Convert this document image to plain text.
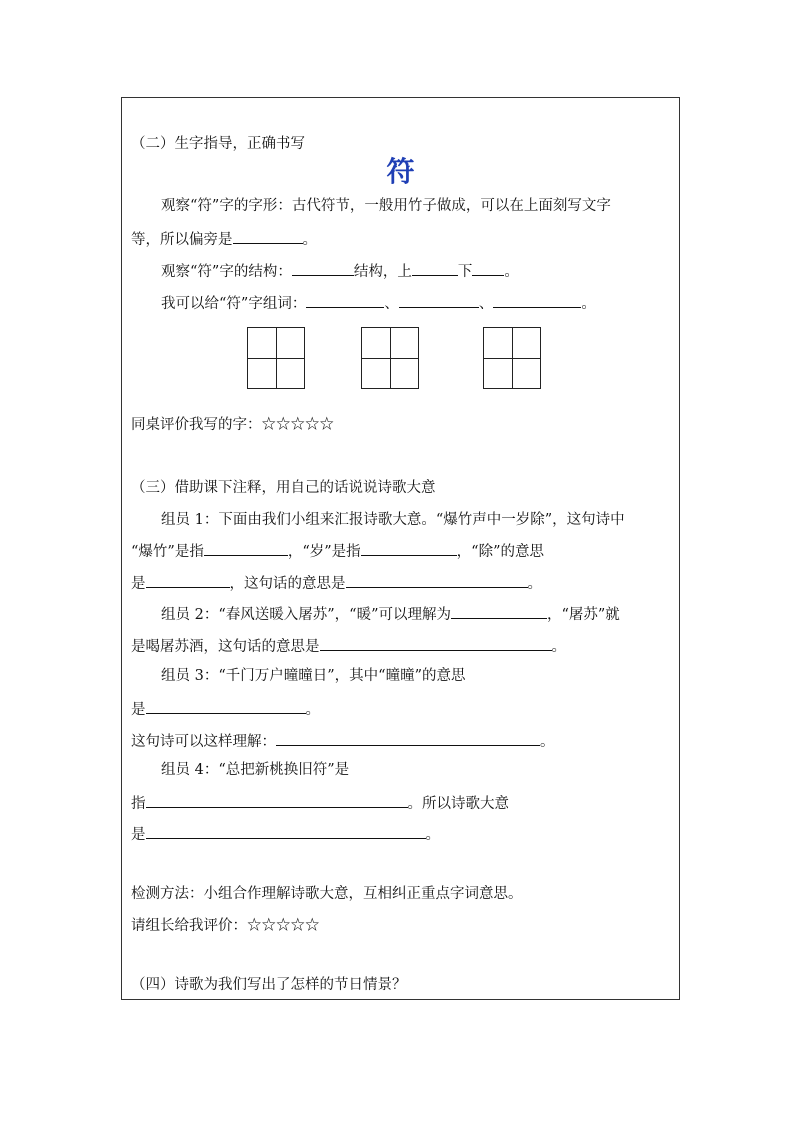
（二）生字指导，正确书写
符
观察“符”字的字形：古代符节，一般用竹子做成，可以在上面刻写文字
等，所以偏旁是	。
观察“符”字的结构：	结构，上	下 。
我可以给“符”字组词：	、	、	。
同桌评价我写的字：☆☆☆☆☆
（三）借助课下注释，用自己的话说说诗歌大意
组员 1：下面由我们小组来汇报诗歌大意。“爆竹声中一岁除”，这句诗中
“爆竹”是指	，“岁”是指	，“除”的意思
是	，这句话的意思是	。
组员 2：“春风送暖入屠苏”，“暖”可以理解为	，“屠苏”就
是喝屠苏酒，这句话的意思是	。
组员 3：“千门万户曈曈日”，其中“曈曈”的意思
是	。
这句诗可以这样理解：	。
组员 4：“总把新桃换旧符”是
指	。所以诗歌大意
是	。
检测方法：小组合作理解诗歌大意，互相纠正重点字词意思。
请组长给我评价：☆☆☆☆☆
（四）诗歌为我们写出了怎样的节日情景？
